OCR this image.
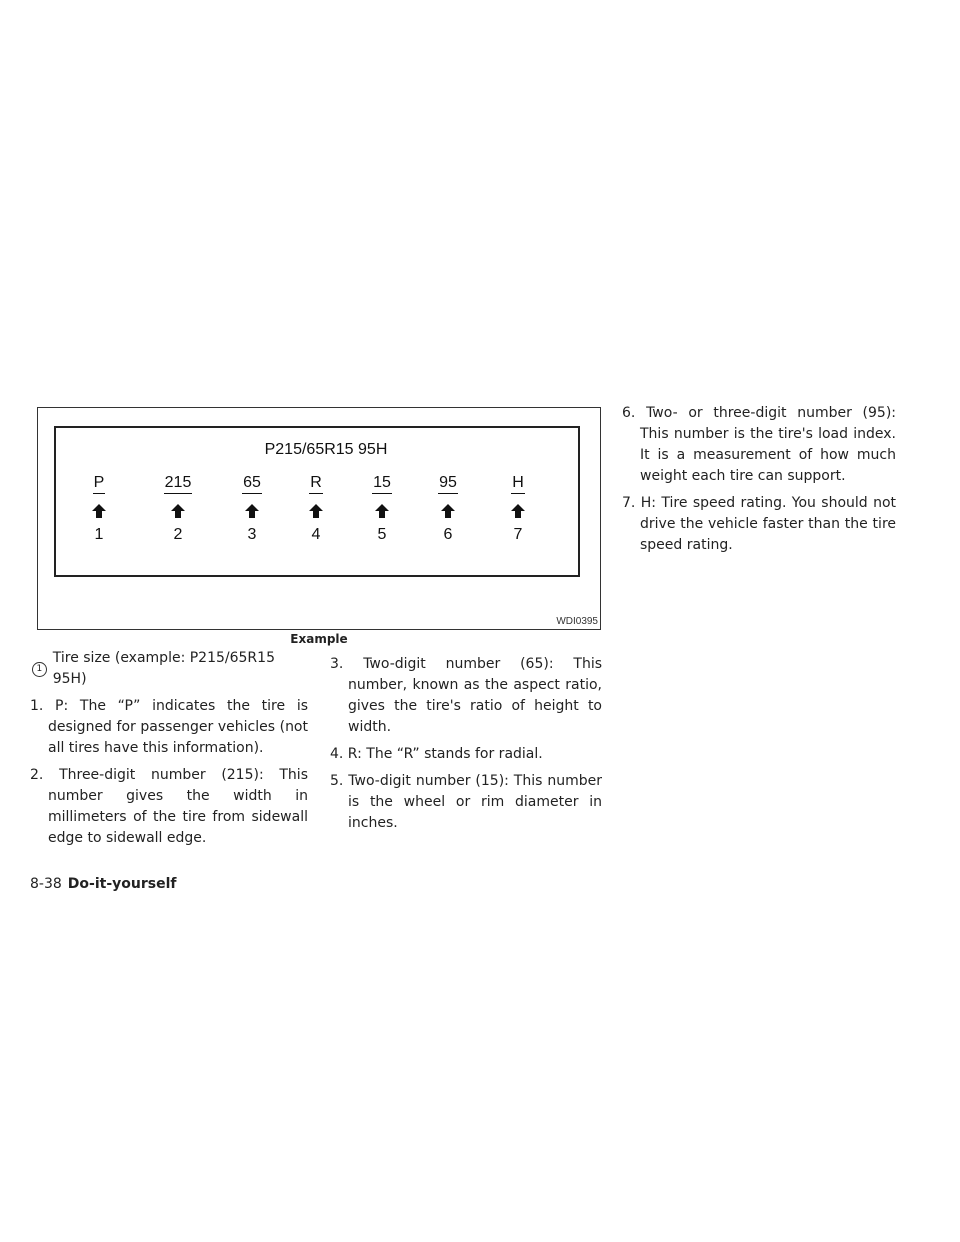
P215/65R15 95H
P
1
215
2
65
3
R
4
15
5
95
6
H
7
WDI0395
Example
1
Tire size (example: P215/65R15 95H)

1. P: The “P” indicates the tire is designed for passenger vehicles (not all tires have this information).

2. Three-digit number (215): This number gives the width in millimeters of the tire from sidewall edge to sidewall edge.

3. Two-digit number (65): This number, known as the aspect ratio, gives the tire's ratio of height to width.

4. R: The “R” stands for radial.

5. Two-digit number (15): This number is the wheel or rim diameter in inches.

6. Two- or three-digit number (95): This number is the tire's load index. It is a measurement of how much weight each tire can support.

7. H: Tire speed rating. You should not drive the vehicle faster than the tire speed rating.

8-38 Do-it-yourself
